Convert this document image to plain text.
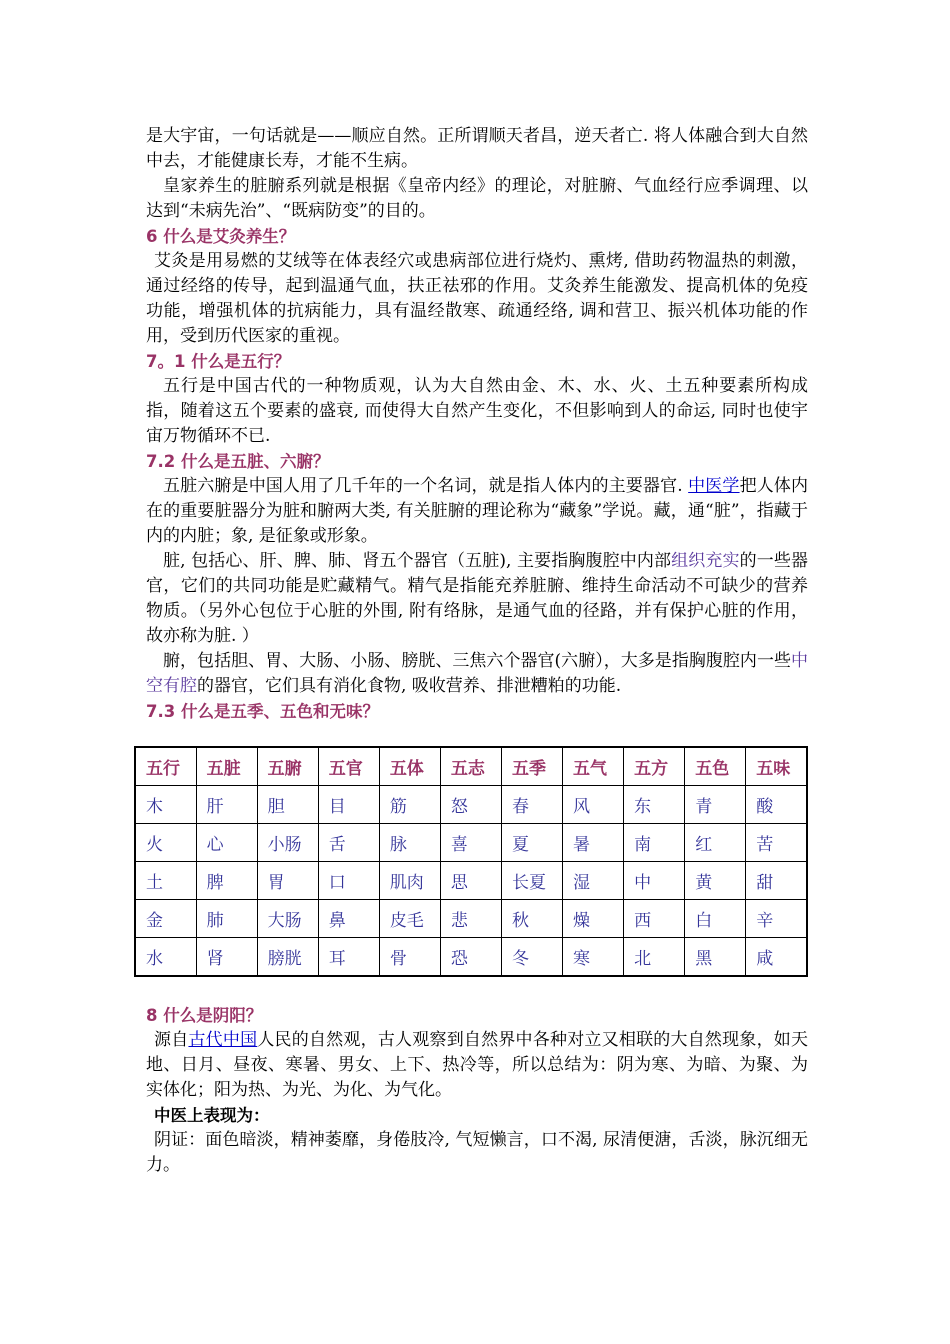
是大宇宙，一句话就是——顺应自然。正所谓顺天者昌，逆天者亡. 将人体融合到大自然中去，才能健康长寿，才能不生病。

皇家养生的脏腑系列就是根据《皇帝内经》的理论，对脏腑、气血经行应季调理、以达到“未病先治”、“既病防变”的目的。

6 什么是艾灸养生？

艾灸是用易燃的艾绒等在体表经穴或患病部位进行烧灼、熏烤, 借助药物温热的刺激，通过经络的传导，起到温通气血，扶正祛邪的作用。艾灸养生能激发、提高机体的免疫功能，增强机体的抗病能力，具有温经散寒、疏通经络, 调和营卫、振兴机体功能的作用，受到历代医家的重视。

7。1 什么是五行？

五行是中国古代的一种物质观，认为大自然由金、木、水、火、土五种要素所构成指，随着这五个要素的盛衰, 而使得大自然产生变化，不但影响到人的命运, 同时也使宇宙万物循环不已.

7.2 什么是五脏、六腑？

五脏六腑是中国人用了几千年的一个名词，就是指人体内的主要器官. 中医学把人体内在的重要脏器分为脏和腑两大类, 有关脏腑的理论称为“藏象”学说。藏，通“脏”，指藏于内的内脏；象, 是征象或形象。

脏, 包括心、肝、脾、肺、肾五个器官（五脏), 主要指胸腹腔中内部组织充实的一些器官，它们的共同功能是贮藏精气。精气是指能充养脏腑、维持生命活动不可缺少的营养物质。（另外心包位于心脏的外围, 附有络脉，是通气血的径路，并有保护心脏的作用，故亦称为脏. ）

腑，包括胆、胃、大肠、小肠、膀胱、三焦六个器官(六腑），大多是指胸腹腔内一些中空有腔的器官，它们具有消化食物, 吸收营养、排泄糟粕的功能.

7.3 什么是五季、五色和无味？

五行	五脏	五腑	五官	五体	五志	五季	五气	五方	五色	五味
木	肝	胆	目	筋	怒	春	风	东	青	酸
火	心	小肠	舌	脉	喜	夏	暑	南	红	苦
土	脾	胃	口	肌肉	思	长夏	湿	中	黄	甜
金	肺	大肠	鼻	皮毛	悲	秋	燥	西	白	辛
水	肾	膀胱	耳	骨	恐	冬	寒	北	黑	咸

8 什么是阴阳？

源自古代中国人民的自然观，古人观察到自然界中各种对立又相联的大自然现象，如天地、日月、昼夜、寒暑、男女、上下、热冷等，所以总结为：阴为寒、为暗、为聚、为实体化；阳为热、为光、为化、为气化。

中医上表现为：

阴证：面色暗淡，精神萎靡，身倦肢冷, 气短懒言，口不渴, 尿清便溏，舌淡，脉沉细无力。
